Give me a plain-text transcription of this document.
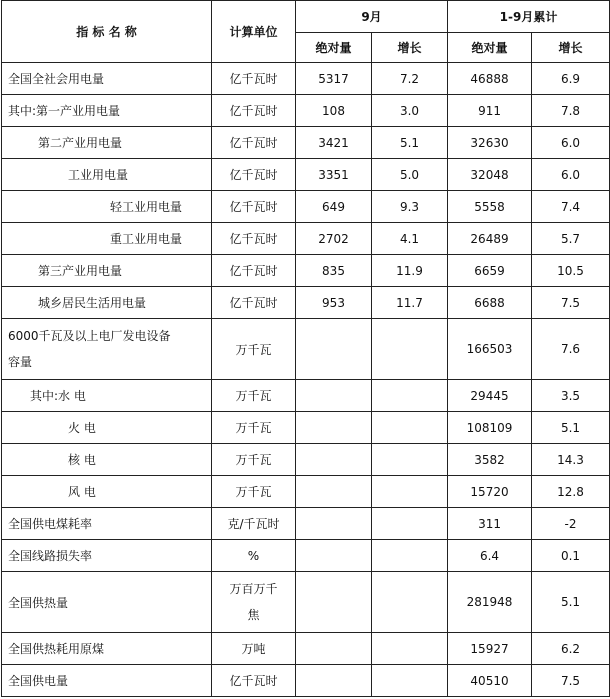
指 标 名 称	计算单位	9月		1-9月累计	
		绝对量	增长	绝对量	增长
全国全社会用电量	亿千瓦时	5317	7.2	46888	6.9
其中:第一产业用电量	亿千瓦时	108	3.0	911	7.8
第二产业用电量	亿千瓦时	3421	5.1	32630	6.0
工业用电量	亿千瓦时	3351	5.0	32048	6.0
轻工业用电量	亿千瓦时	649	9.3	5558	7.4
重工业用电量	亿千瓦时	2702	4.1	26489	5.7
第三产业用电量	亿千瓦时	835	11.9	6659	10.5
城乡居民生活用电量	亿千瓦时	953	11.7	6688	7.5
6000千瓦及以上电厂发电设备
容量	万千瓦			166503	7.6
其中:水 电	万千瓦			29445	3.5
火 电	万千瓦			108109	5.1
核 电	万千瓦			3582	14.3
风 电	万千瓦			15720	12.8
全国供电煤耗率	克/千瓦时			311	-2
全国线路损失率	%			6.4	0.1
全国供热量	万百万千
焦			281948	5.1
全国供热耗用原煤	万吨			15927	6.2
全国供电量	亿千瓦时			40510	7.5
